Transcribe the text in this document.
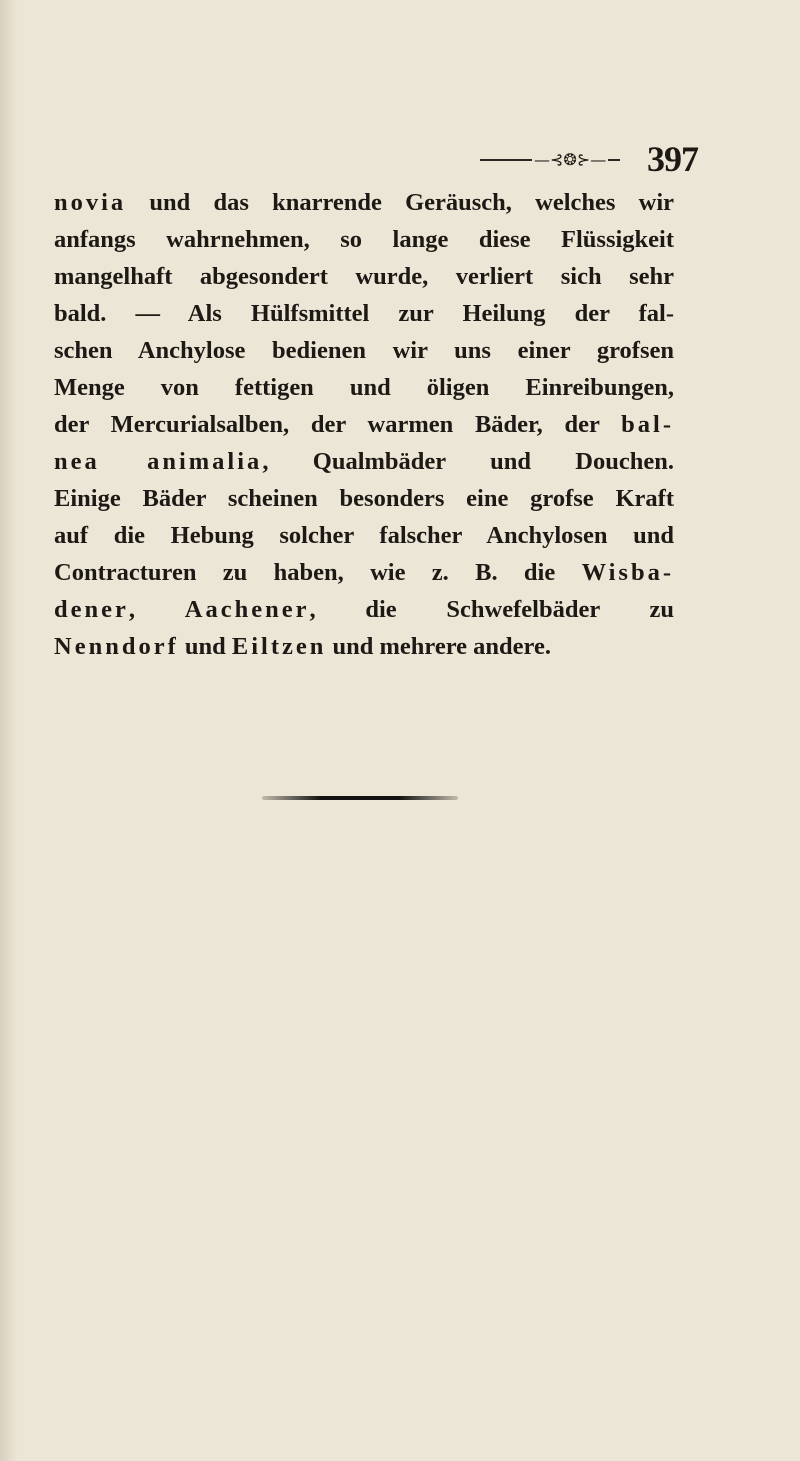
—⊰❂⊱— 397
novia und das knarrende Geräusch, welches wir
anfangs wahrnehmen, so lange diese Flüssigkeit
mangelhaft abgesondert wurde, verliert sich sehr
bald. — Als Hülfsmittel zur Heilung der fal-
schen Anchylose bedienen wir uns einer grofsen
Menge von fettigen und öligen Einreibungen,
der Mercurialsalben, der warmen Bäder, der bal-
nea animalia, Qualmbäder und Douchen.
Einige Bäder scheinen besonders eine grofse Kraft
auf die Hebung solcher falscher Anchylosen und
Contracturen zu haben, wie z. B. die Wisba-
dener, Aachener, die Schwefelbäder zu
Nenndorf und Eiltzen und mehrere andere.
